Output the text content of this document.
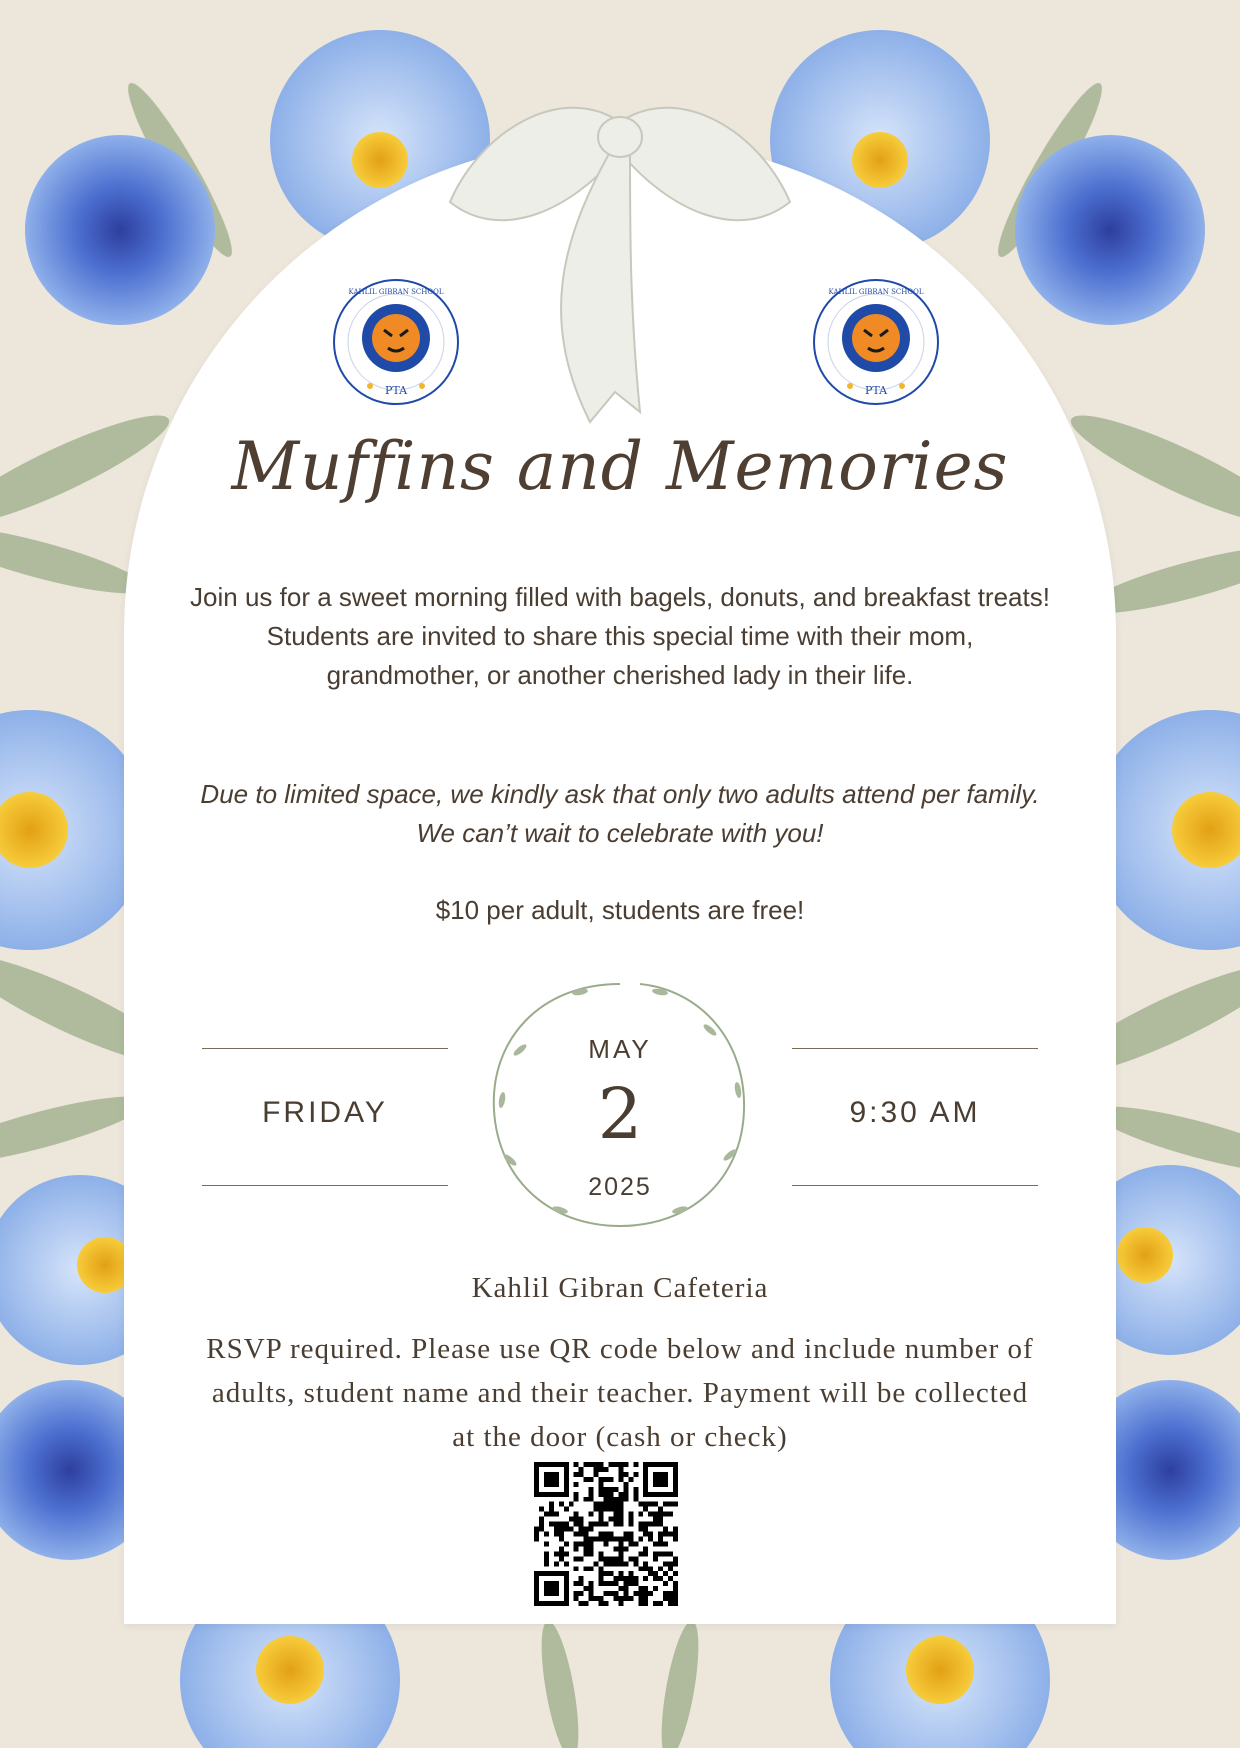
KAHLIL GIBRAN SCHOOL
PTA
KAHLIL GIBRAN SCHOOL
PTA
Muffins and Memories

Join us for a sweet morning filled with bagels, donuts, and breakfast treats! Students are invited to share this special time with their mom, grandmother, or another cherished lady in their life.

Due to limited space, we kindly ask that only two adults attend per family. We can’t wait to celebrate with you!

$10 per adult, students are free!

FRIDAY	9:30 AM
MAY
2
2025
Kahlil Gibran Cafeteria

RSVP required. Please use QR code below and include number of adults, student name and their teacher. Payment will be collected at the door (cash or check)
